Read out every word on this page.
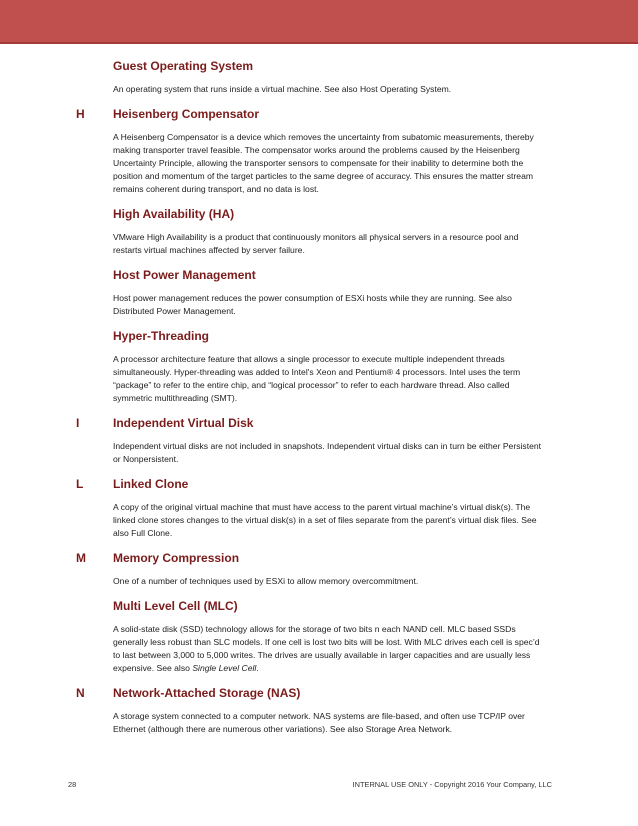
Guest Operating System
An operating system that runs inside a virtual machine. See also Host Operating System.
H Heisenberg Compensator
A Heisenberg Compensator is a device which removes the uncertainty from subatomic measurements, thereby making transporter travel feasible. The compensator works around the problems caused by the Heisenberg Uncertainty Principle, allowing the transporter sensors to compensate for their inability to determine both the position and momentum of the target particles to the same degree of accuracy. This ensures the matter stream remains coherent during transport, and no data is lost.
High Availability (HA)
VMware High Availability is a product that continuously monitors all physical servers in a resource pool and restarts virtual machines affected by server failure.
Host Power Management
Host power management reduces the power consumption of ESXi hosts while they are running. See also Distributed Power Management.
Hyper-Threading
A processor architecture feature that allows a single processor to execute multiple independent threads simultaneously. Hyper-threading was added to Intel's Xeon and Pentium® 4 processors. Intel uses the term “package” to refer to the entire chip, and “logical processor” to refer to each hardware thread. Also called symmetric multithreading (SMT).
I	Independent Virtual Disk
Independent virtual disks are not included in snapshots. Independent virtual disks can in turn be either Persistent or Nonpersistent.
L Linked Clone
A copy of the original virtual machine that must have access to the parent virtual machine’s virtual disk(s). The linked clone stores changes to the virtual disk(s) in a set of files separate from the parent’s virtual disk files. See also Full Clone.
M Memory Compression
One of a number of techniques used by ESXi to allow memory overcommitment.
Multi Level Cell (MLC)
A solid-state disk (SSD) technology allows for the storage of two bits n each NAND cell. MLC based SSDs generally less robust than SLC models. If one cell is lost two bits will be lost. With MLC drives each cell is spec’d to last between 3,000 to 5,000 writes. The drives are usually available in larger capacities and are usually less expensive. See also Single Level Cell.
N Network-Attached Storage (NAS)
A storage system connected to a computer network. NAS systems are file-based, and often use TCP/IP over Ethernet (although there are numerous other variations). See also Storage Area Network.
28	INTERNAL USE ONLY - Copyright 2016 Your Company, LLC
